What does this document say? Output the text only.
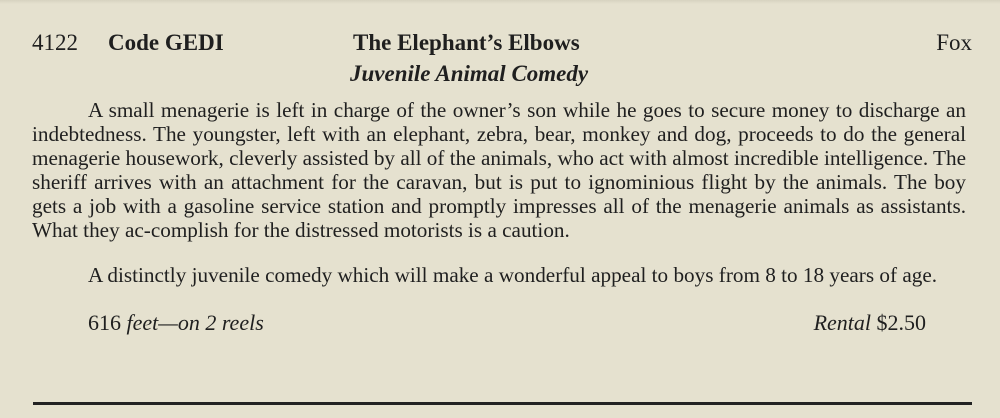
4122 Code GEDI	The Elephant’s Elbows	Fox
Juvenile Animal Comedy

A small menagerie is left in charge of the owner’s son while he goes to secure money to discharge an indebtedness. The youngster, left with an elephant, zebra, bear, monkey and dog, proceeds to do the general menagerie housework, cleverly assisted by all of the animals, who act with almost incredible intelligence. The sheriff arrives with an attachment for the caravan, but is put to ignominious flight by the animals. The boy gets a job with a gasoline service station and promptly impresses all of the menagerie animals as assistants. What they ac-complish for the distressed motorists is a caution.

A distinctly juvenile comedy which will make a wonderful appeal to boys from 8 to 18 years of age.

616 feet—on 2 reels	Rental $2.50
